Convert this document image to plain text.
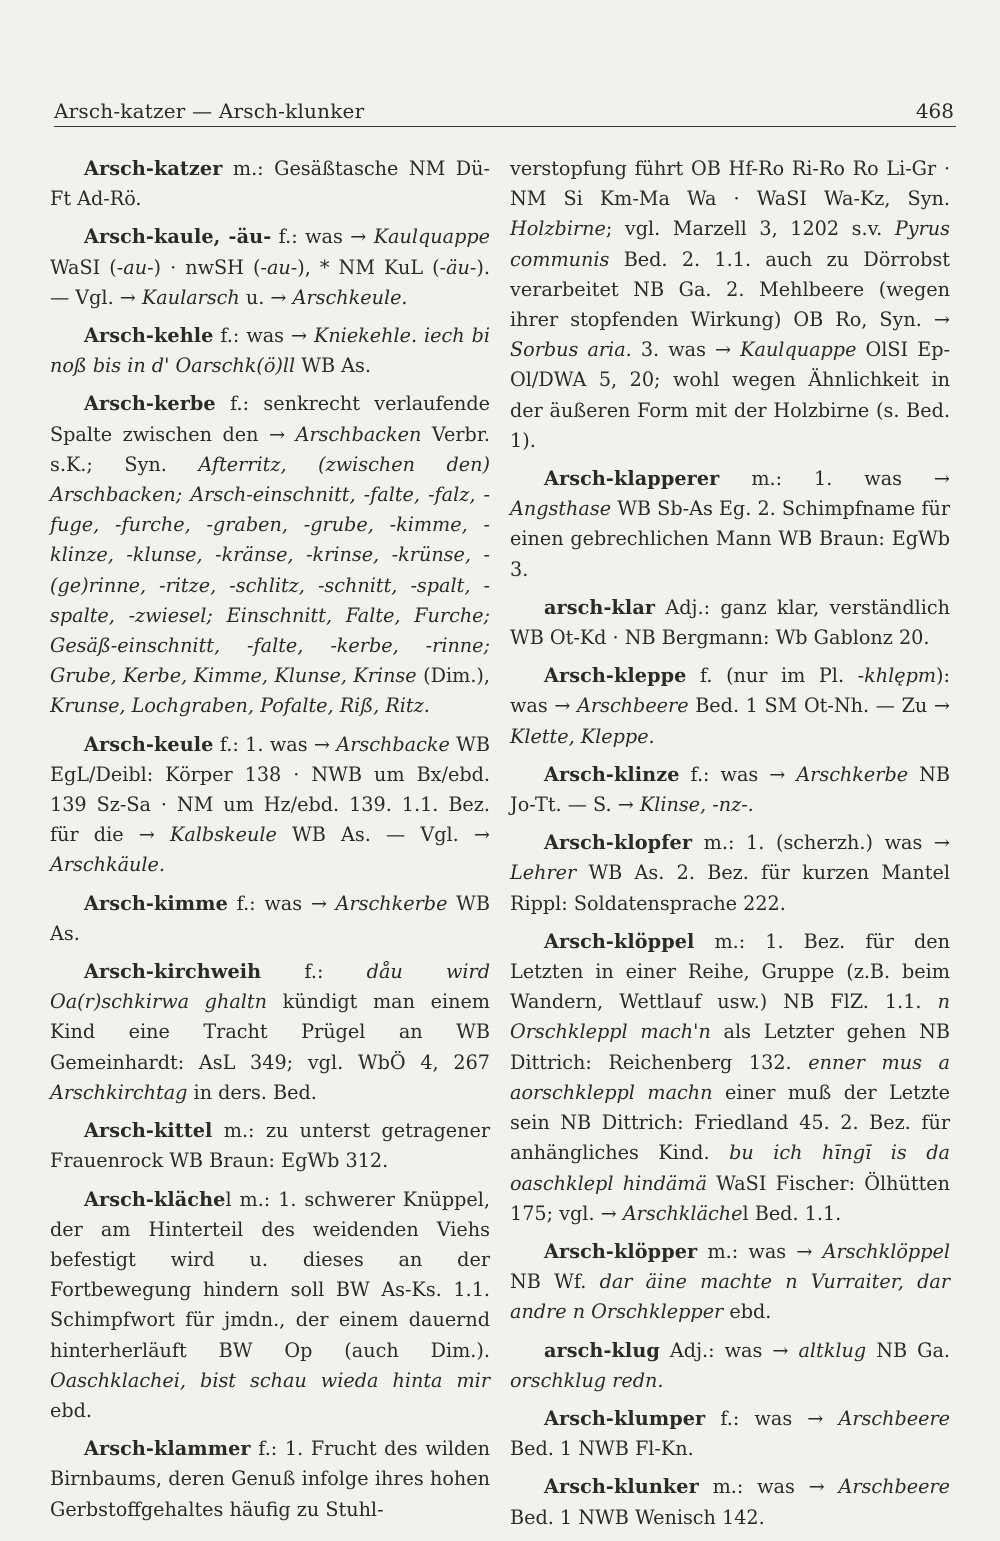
Arsch-katzer — Arsch-klunker	468

Arsch-katzer m.: Gesäßtasche NM Dü-Ft Ad-Rö.

Arsch-kaule, -äu- f.: was → Kaulquappe WaSI (-au-) · nwSH (-au-), * NM KuL (-äu-). — Vgl. → Kaularsch u. → Arschkeule.

Arsch-kehle f.: was → Kniekehle. iech bi noß bis in d' Oarschk(ö)ll WB As.

Arsch-kerbe f.: senkrecht verlaufende Spalte zwischen den → Arschbacken Verbr. s.K.; Syn. Afterritz, (zwischen den) Arschbacken; Arsch-einschnitt, -falte, -falz, -fuge, -furche, -graben, -grube, -kimme, -klinze, -klunse, -kränse, -krinse, -krünse, -(ge)rinne, -ritze, -schlitz, -schnitt, -spalt, -spalte, -zwiesel; Einschnitt, Falte, Furche; Gesäß-einschnitt, -falte, -kerbe, -rinne; Grube, Kerbe, Kimme, Klunse, Krinse (Dim.), Krunse, Lochgraben, Pofalte, Riß, Ritz.

Arsch-keule f.: 1. was → Arschbacke WB EgL/Deibl: Körper 138 · NWB um Bx/ebd. 139 Sz-Sa · NM um Hz/ebd. 139. 1.1. Bez. für die → Kalbskeule WB As. — Vgl. → Arschkäule.

Arsch-kimme f.: was → Arschkerbe WB As.

Arsch-kirchweih f.: dåu wird Oa(r)schkirwa ghaltn kündigt man einem Kind eine Tracht Prügel an WB Gemeinhardt: AsL 349; vgl. WbÖ 4, 267 Arschkirchtag in ders. Bed.

Arsch-kittel m.: zu unterst getragener Frauenrock WB Braun: EgWb 312.

Arsch-klächel m.: 1. schwerer Knüppel, der am Hinterteil des weidenden Viehs befestigt wird u. dieses an der Fortbewegung hindern soll BW As-Ks. 1.1. Schimpfwort für jmdn., der einem dauernd hinterherläuft BW Op (auch Dim.). Oaschklachei, bist schau wieda hinta mir ebd.

Arsch-klammer f.: 1. Frucht des wilden Birnbaums, deren Genuß infolge ihres hohen Gerbstoffgehaltes häufig zu Stuhl-

verstopfung führt OB Hf-Ro Ri-Ro Ro Li-Gr · NM Si Km-Ma Wa · WaSI Wa-Kz, Syn. Holzbirne; vgl. Marzell 3, 1202 s.v. Pyrus communis Bed. 2. 1.1. auch zu Dörrobst verarbeitet NB Ga. 2. Mehlbeere (wegen ihrer stopfenden Wirkung) OB Ro, Syn. → Sorbus aria. 3. was → Kaulquappe OlSI Ep-Ol/DWA 5, 20; wohl wegen Ähnlichkeit in der äußeren Form mit der Holzbirne (s. Bed. 1).

Arsch-klapperer m.: 1. was → Angsthase WB Sb-As Eg. 2. Schimpfname für einen gebrechlichen Mann WB Braun: EgWb 3.

arsch-klar Adj.: ganz klar, verständlich WB Ot-Kd · NB Bergmann: Wb Gablonz 20.

Arsch-kleppe f. (nur im Pl. -khlępm): was → Arschbeere Bed. 1 SM Ot-Nh. — Zu → Klette, Kleppe.

Arsch-klinze f.: was → Arschkerbe NB Jo-Tt. — S. → Klinse, -nz-.

Arsch-klopfer m.: 1. (scherzh.) was → Lehrer WB As. 2. Bez. für kurzen Mantel Rippl: Soldatensprache 222.

Arsch-klöppel m.: 1. Bez. für den Letzten in einer Reihe, Gruppe (z.B. beim Wandern, Wettlauf usw.) NB FlZ. 1.1. n Orschkleppl mach'n als Letzter gehen NB Dittrich: Reichenberg 132. enner mus a aorschkleppl machn einer muß der Letzte sein NB Dittrich: Friedland 45. 2. Bez. für anhängliches Kind. bu ich hīngī is da oaschklepl hindämä WaSI Fischer: Ölhütten 175; vgl. → Arschklächel Bed. 1.1.

Arsch-klöpper m.: was → Arschklöppel NB Wf. dar äine machte n Vurraiter, dar andre n Orschklepper ebd.

arsch-klug Adj.: was → altklug NB Ga. orschklug redn.

Arsch-klumper f.: was → Arschbeere Bed. 1 NWB Fl-Kn.

Arsch-klunker m.: was → Arschbeere Bed. 1 NWB Wenisch 142.
